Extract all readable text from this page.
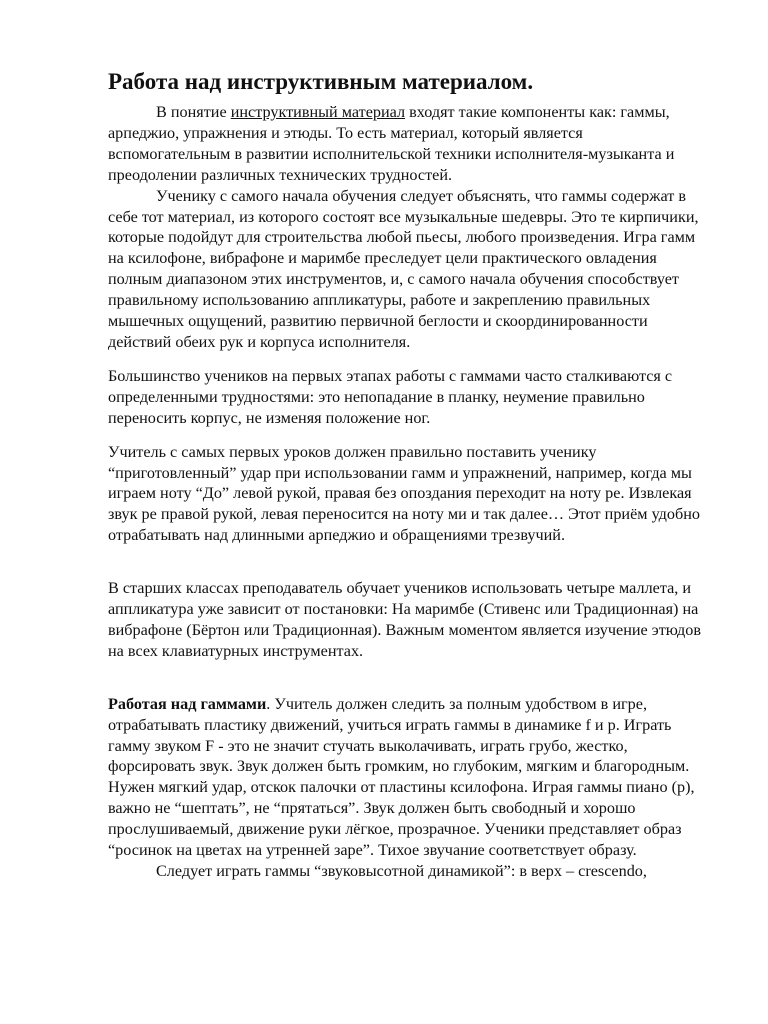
Работа над инструктивным материалом.

В понятие инструктивный материал входят такие компоненты как: гаммы, арпеджио, упражнения и этюды. То есть материал, который является вспомогательным в развитии исполнительской техники исполнителя-музыканта и преодолении различных технических трудностей.

Ученику с самого начала обучения следует объяснять, что гаммы содержат в себе тот материал, из которого состоят все музыкальные шедевры. Это те кирпичики, которые подойдут для строительства любой пьесы, любого произведения. Игра гамм на ксилофоне, вибрафоне и маримбе преследует цели практического овладения полным диапазоном этих инструментов, и, с самого начала обучения способствует правильному использованию аппликатуры, работе и закреплению правильных мышечных ощущений, развитию первичной беглости и скоординированности действий обеих рук и корпуса исполнителя.

Большинство учеников на первых этапах работы с гаммами часто сталкиваются с определенными трудностями: это непопадание в планку, неумение правильно переносить корпус, не изменяя положение ног.

Учитель с самых первых уроков должен правильно поставить ученику “приготовленный” удар при использовании гамм и упражнений, например, когда мы играем ноту “До” левой рукой, правая без опоздания переходит на ноту ре. Извлекая звук ре правой рукой, левая переносится на ноту ми и так далее… Этот приём удобно отрабатывать над длинными арпеджио и обращениями трезвучий.

В старших классах преподаватель обучает учеников использовать четыре маллета, и аппликатура уже зависит от постановки: На маримбе (Стивенс или Традиционная) на вибрафоне (Бёртон или Традиционная). Важным моментом является изучение этюдов на всех клавиатурных инструментах.

Работая над гаммами. Учитель должен следить за полным удобством в игре, отрабатывать пластику движений, учиться играть гаммы в динамике f и p. Играть гамму звуком F - это не значит стучать выколачивать, играть грубо, жестко, форсировать звук. Звук должен быть громким, но глубоким, мягким и благородным. Нужен мягкий удар, отскок палочки от пластины ксилофона. Играя гаммы пиано (p), важно не “шептать”, не “прятаться”. Звук должен быть свободный и хорошо прослушиваемый, движение руки лёгкое, прозрачное. Ученики представляет образ “росинок на цветах на утренней заре”. Тихое звучание соответствует образу.

Следует играть гаммы “звуковысотной динамикой”: в верх – crescendo,
